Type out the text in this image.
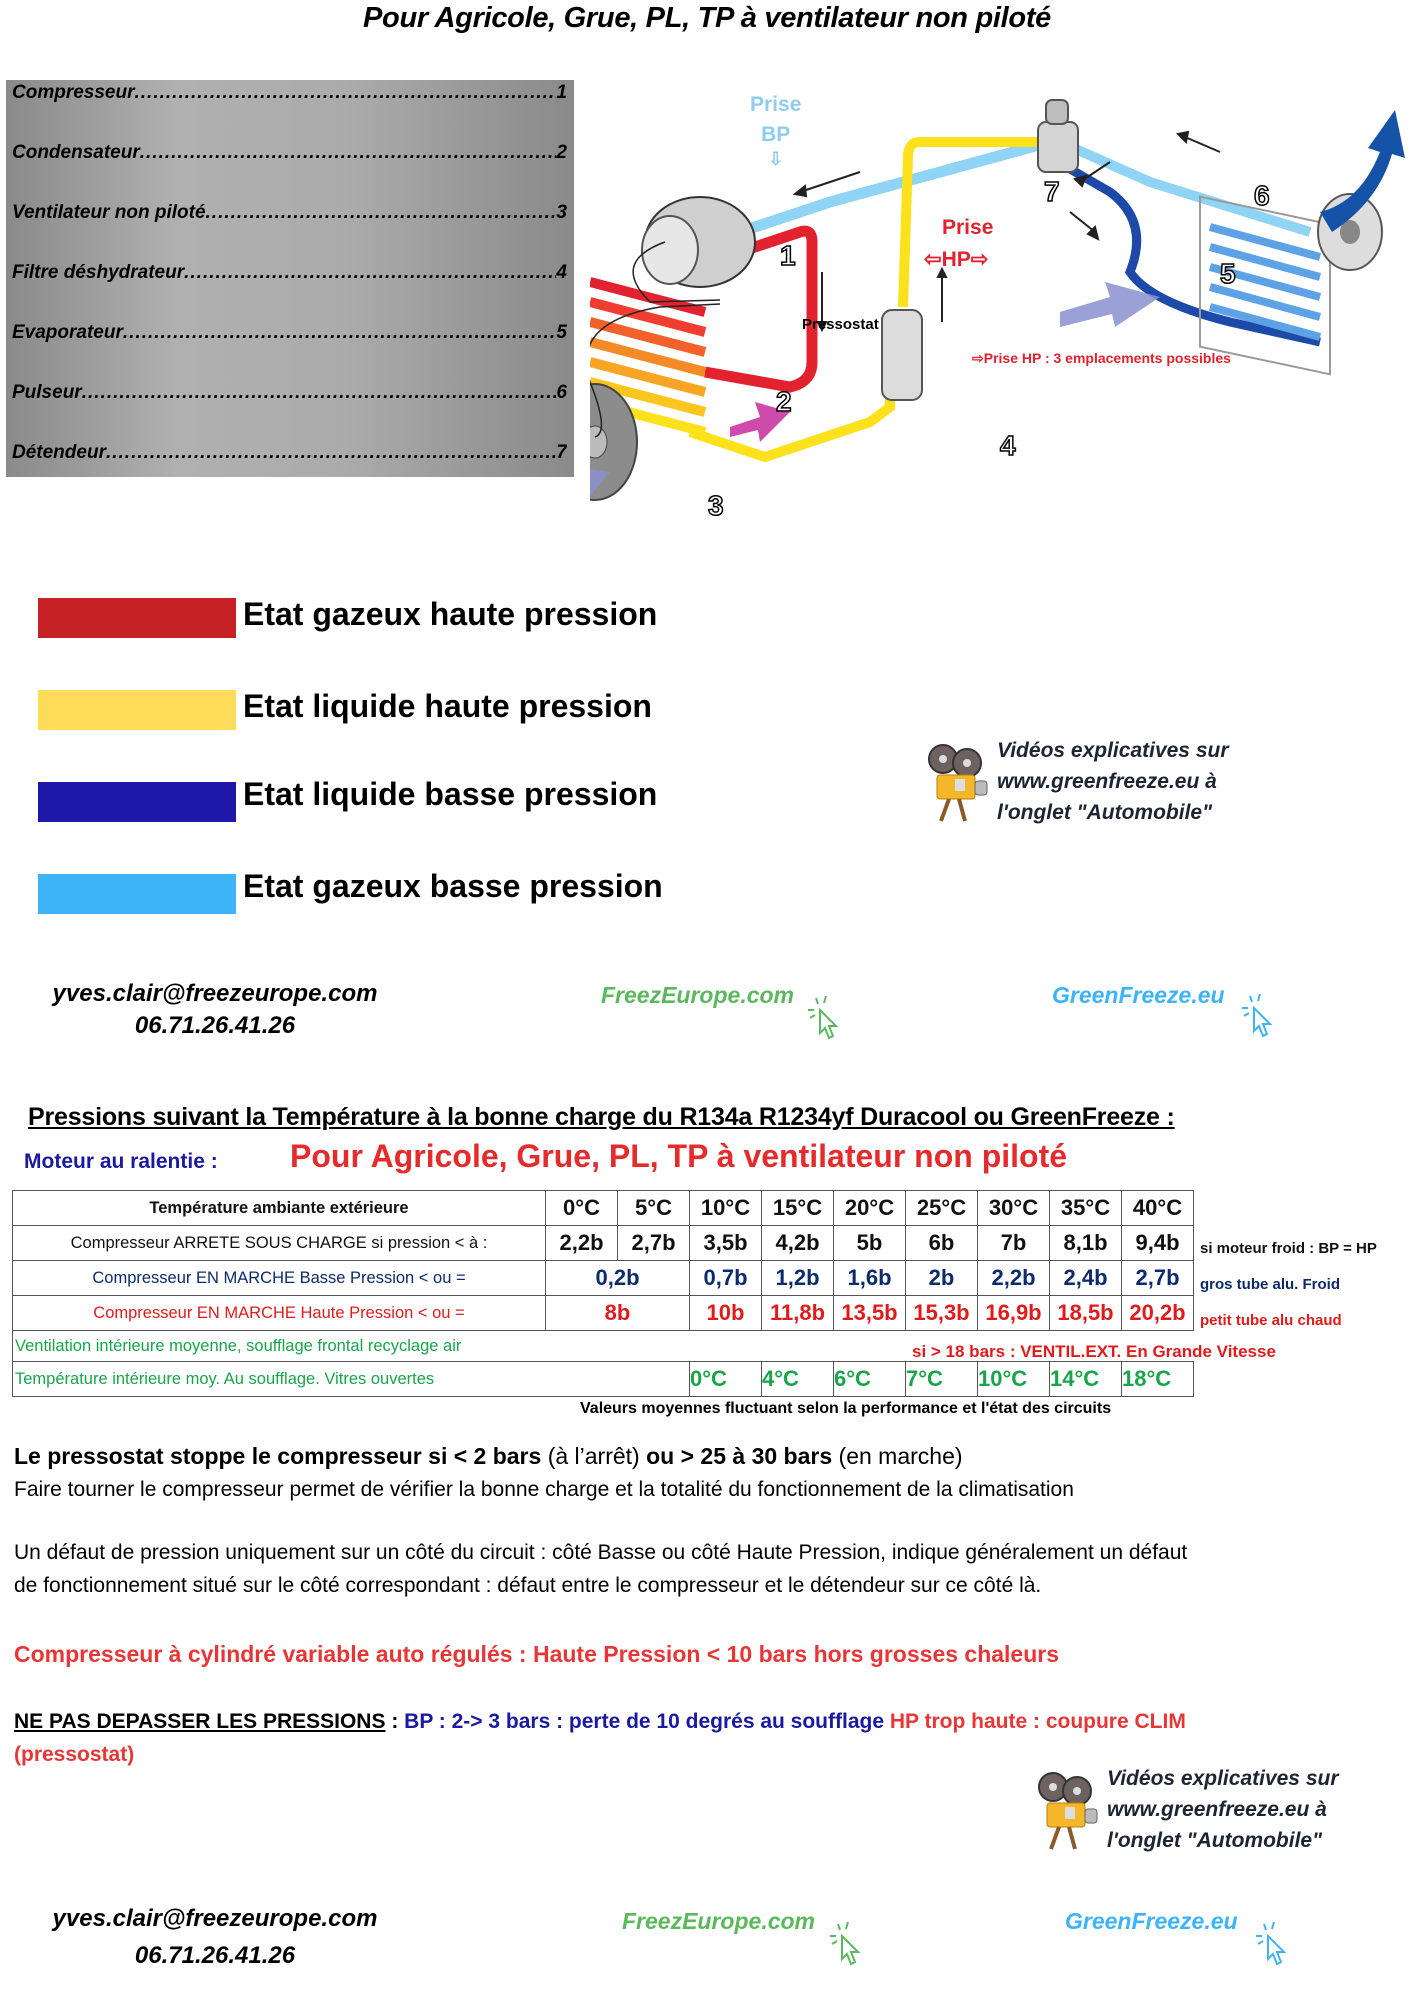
Pour Agricole, Grue, PL, TP à ventilateur non piloté
Compresseur .....	1
Condensateur .....	2
Ventilateur non piloté .....	3
Filtre déshydrateur .....	4
Evaporateur .....	5
Pulseur .....	6
Détendeur .....	7
Prise
BP
⇩
Prise
⇦HP⇨
Pressostat
⇨Prise HP : 3 emplacements possibles
1
2
3
4
5
6
7
Etat gazeux haute pression
Etat liquide haute pression
Etat liquide basse pression
Etat gazeux basse pression
Vidéos explicatives sur
www.greenfreeze.eu à
l'onglet "Automobile"
yves.clair@freezeurope.com
06.71.26.41.26
FreezEurope.com	GreenFreeze.eu
Pressions suivant la Température à la bonne charge du R134a R1234yf Duracool ou GreenFreeze :
Moteur au ralentie : Pour Agricole, Grue, PL, TP à ventilateur non piloté
Température ambiante extérieure	0°C	5°C	10°C	15°C	20°C	25°C	30°C	35°C	40°C
Compresseur ARRETE SOUS CHARGE si pression < à :	2,2b	2,7b	3,5b	4,2b	5b	6b	7b	8,1b	9,4b
Compresseur EN MARCHE Basse Pression < ou =	0,2b		0,7b	1,2b	1,6b	2b	2,2b	2,4b	2,7b
Compresseur EN MARCHE Haute Pression < ou =	8b		10b	11,8b	13,5b	15,3b	16,9b	18,5b	20,2b
Ventilation intérieure moyenne, soufflage frontal recyclage air									
Température intérieure moy. Au soufflage. Vitres ouvertes			0°C	4°C	6°C	7°C	10°C	14°C	18°C
si moteur froid : BP = HP
gros tube alu. Froid
petit tube alu chaud
si > 18 bars : VENTIL.EXT. En Grande Vitesse
Valeurs moyennes fluctuant selon la performance et l'état des circuits
Le pressostat stoppe le compresseur si < 2 bars (à l’arrêt) ou > 25 à 30 bars (en marche)
Faire tourner le compresseur permet de vérifier la bonne charge et la totalité du fonctionnement de la climatisation
Un défaut de pression uniquement sur un côté du circuit : côté Basse ou côté Haute Pression, indique généralement un défaut
de fonctionnement situé sur le côté correspondant : défaut entre le compresseur et le détendeur sur ce côté là.
Compresseur à cylindré variable auto régulés : Haute Pression < 10 bars hors grosses chaleurs
NE PAS DEPASSER LES PRESSIONS : BP : 2-> 3 bars : perte de 10 degrés au soufflage HP trop haute : coupure CLIM
(pressostat)
Vidéos explicatives sur
www.greenfreeze.eu à
l'onglet "Automobile"
yves.clair@freezeurope.com
06.71.26.41.26
FreezEurope.com	GreenFreeze.eu
